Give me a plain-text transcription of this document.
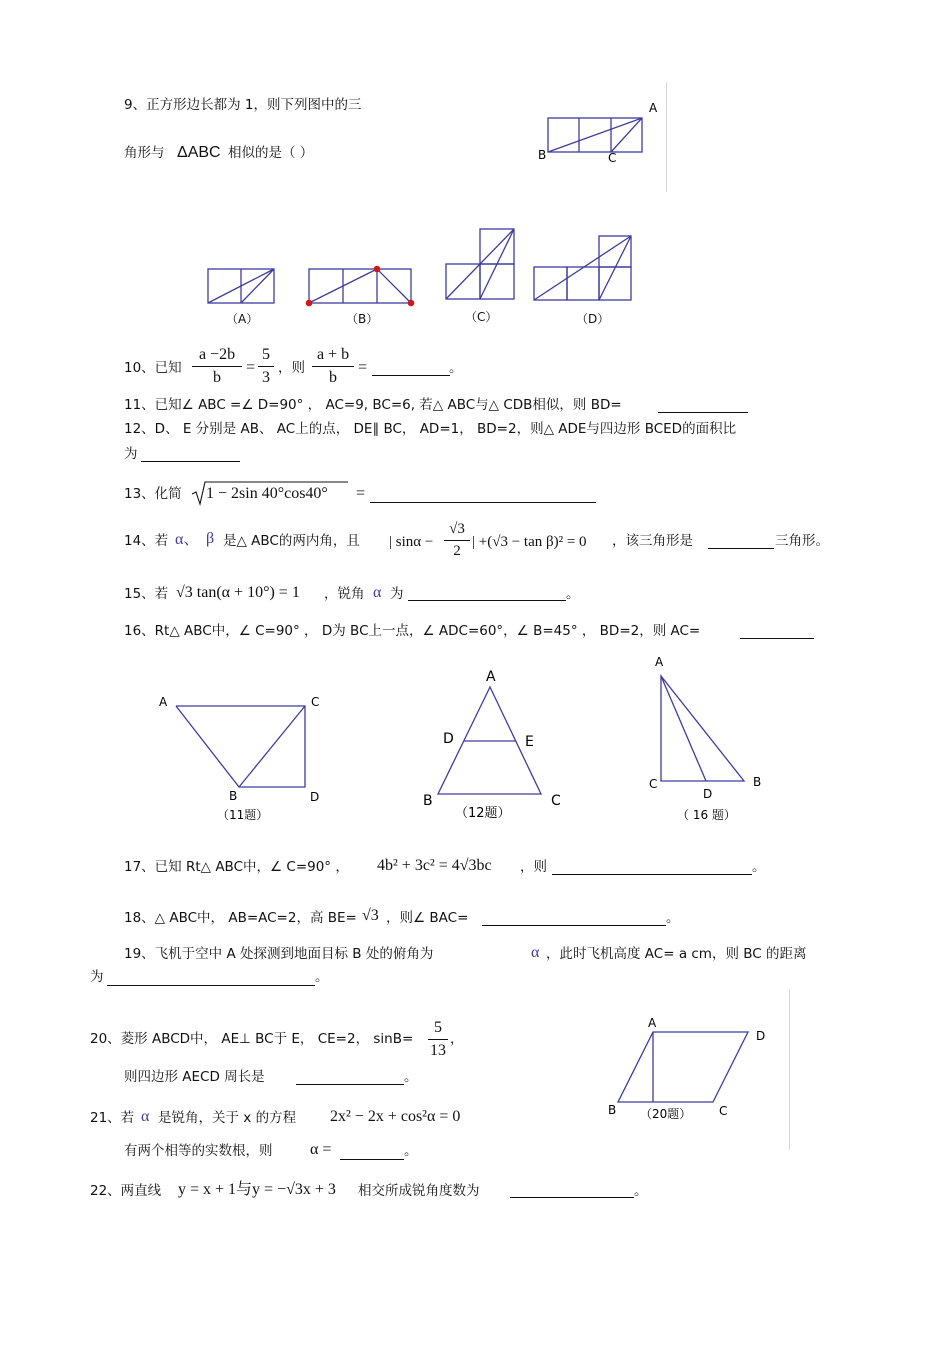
9、正方形边长都为 1，则下列图中的三
角形与 ΔABC 相似的是（ ）
A
B	C
（A）	（B）	（C）	（D）
10、已知
a −2b
b
=
5
3
，则
a + b
b
=	。
11、已知∠ ABC =∠ D=90° ， AC=9, BC=6, 若△ ABC与△ CDB相似，则 BD=
12、D、 E 分别是 AB、 AC上的点， DE∥ BC， AD=1， BD=2，则△ ADE与四边形 BCED的面积比
为
13、化简 1 − 2sin 40°cos40° =
14、若 α、 β 是△ ABC的两内角，且 | sinα −
√3
2
| +(√3 − tan β)² = 0 ，该三角形是	三角形。
15、若 √3 tan(α + 10°) = 1 ，锐角 α 为	。
16、Rt△ ABC中，∠ C=90° ， D为 BC上一点，∠ ADC=60°，∠ B=45° ， BD=2，则 AC=
A	C
B	D
（11题）
A
D	E
B	C
（12题）
A
C
D
B
（ 16 题）
17、已知 Rt△ ABC中，∠ C=90° ， 4b² + 3c² = 4√3bc ，则	。
18、△ ABC中， AB=AC=2，高 BE= √3 ，则∠ BAC=	。
19、飞机于空中 A 处探测到地面目标 B 处的俯角为	α ，此时飞机高度 AC= a cm，则 BC 的距离
为	。
20、菱形 ABCD中， AE⊥ BC于 E， CE=2， sinB=
5
13
，
则四边形 AECD 周长是	。
A
D
B	C
（20题）
21、若 α 是锐角，关于 x 的方程 2x² − 2x + cos²α = 0
有两个相等的实数根，则 α =	。
22、两直线 y = x + 1与y = −√3x + 3 相交所成锐角度数为	。
